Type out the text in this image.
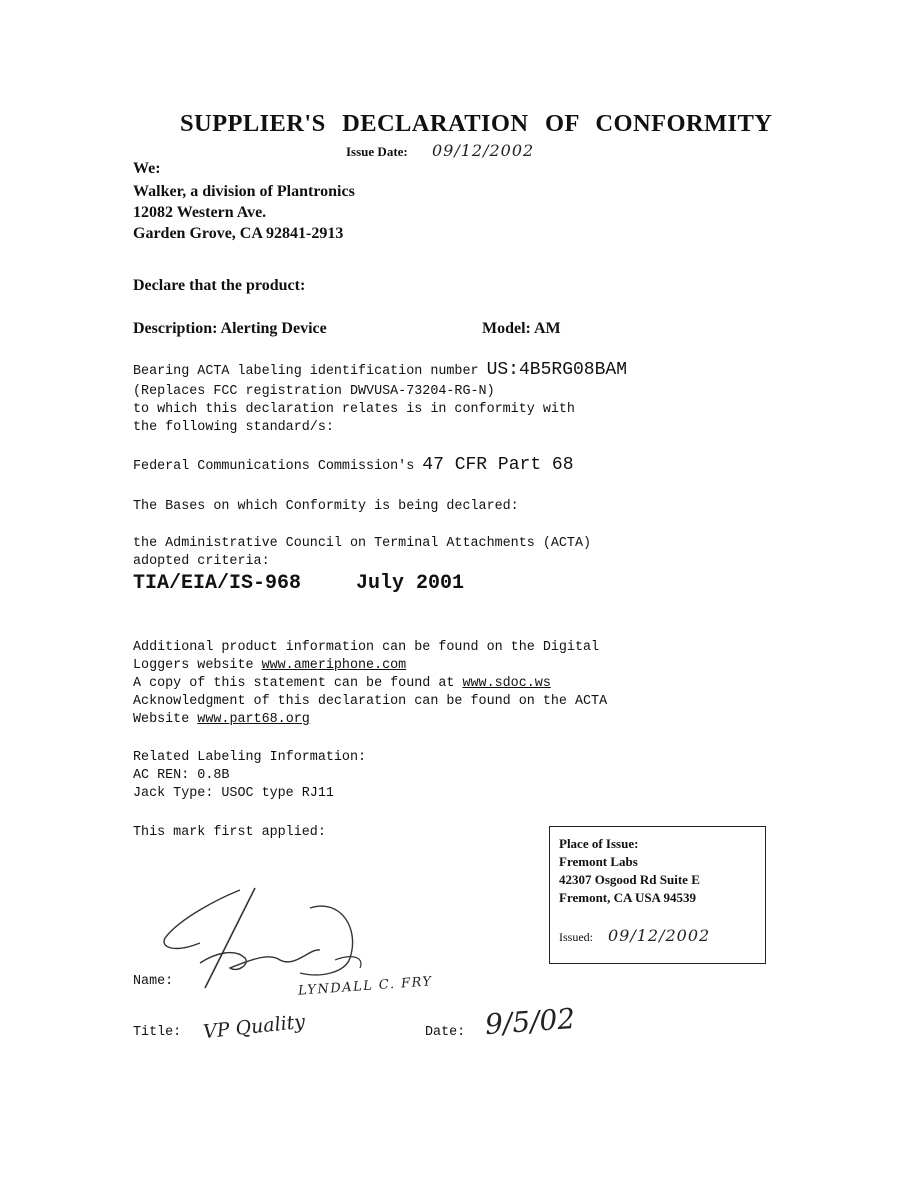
SUPPLIER'S DECLARATION OF CONFORMITY
Issue Date: 09/12/2002
We:
Walker, a division of Plantronics
12082 Western Ave.
Garden Grove, CA 92841-2913
Declare that the product:
Description: Alerting Device	Model: AM
Bearing ACTA labeling identification number US:4B5RG08BAM
(Replaces FCC registration DWVUSA-73204-RG-N)
to which this declaration relates is in conformity with
the following standard/s:
Federal Communications Commission's 47 CFR Part 68
The Bases on which Conformity is being declared:
the Administrative Council on Terminal Attachments (ACTA)
adopted criteria:
TIA/EIA/IS-968	July 2001
Additional product information can be found on the Digital
Loggers website www.ameriphone.com
A copy of this statement can be found at www.sdoc.ws
Acknowledgment of this declaration can be found on the ACTA
Website www.part68.org
Related Labeling Information:
AC REN: 0.8B
Jack Type: USOC type RJ11
This mark first applied:
Place of Issue:
Fremont Labs
42307 Osgood Rd Suite E
Fremont, CA USA 94539
Issued: 09/12/2002
Name:	LYNDALL C. FRY
Title: VP Quality	Date: 9/5/02
